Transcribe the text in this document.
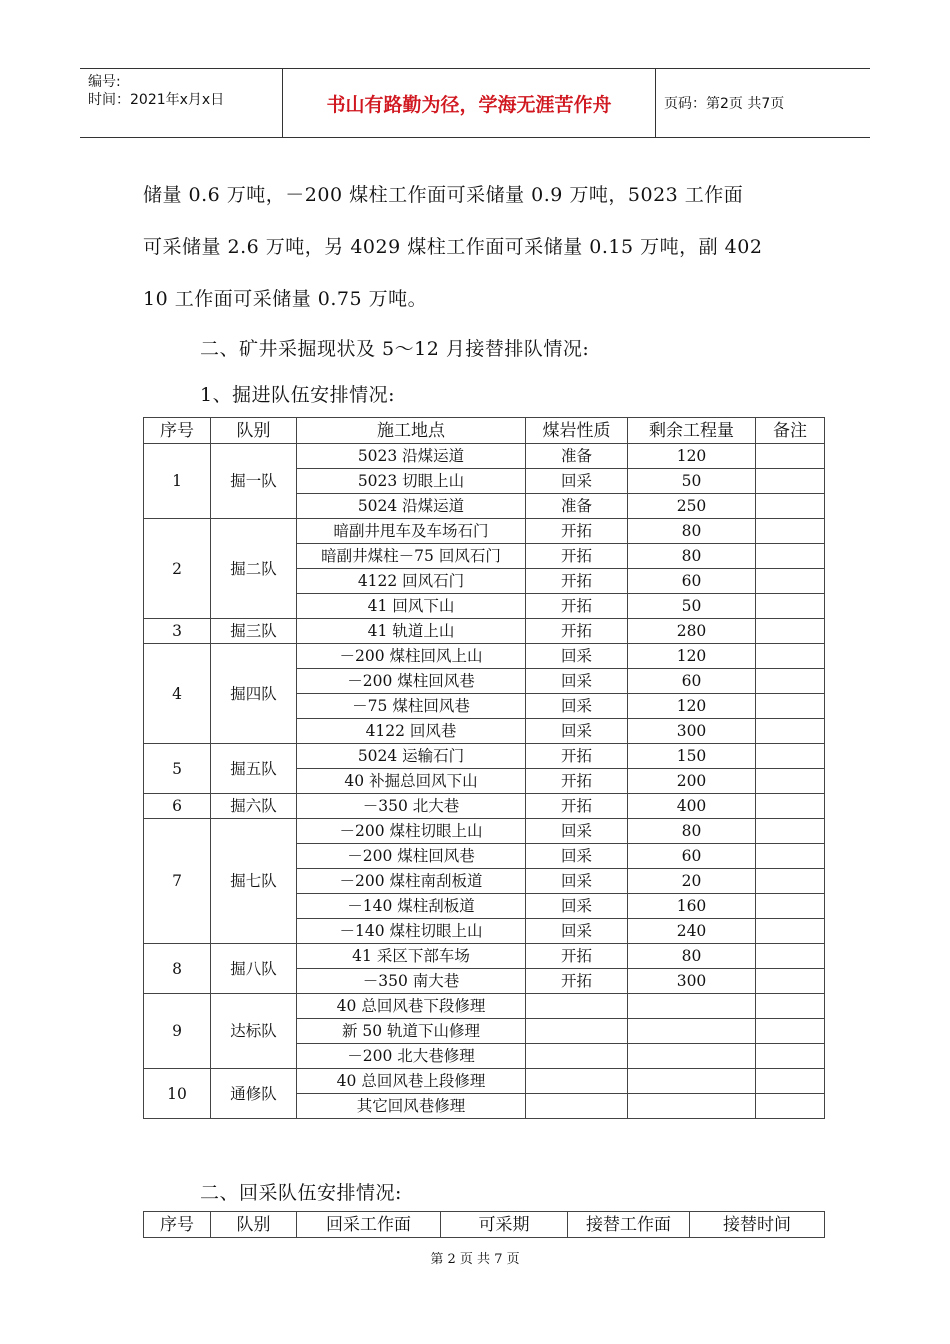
编号:
时间：2021年x月x日	书山有路勤为径，学海无涯苦作舟	页码：第2页 共7页
储量 0.6 万吨，－200 煤柱工作面可采储量 0.9 万吨，5023 工作面
可采储量 2.6 万吨，另 4029 煤柱工作面可采储量 0.15 万吨，副 402
10 工作面可采储量 0.75 万吨。
二、矿井采掘现状及 5～12 月接替排队情况:
1、掘进队伍安排情况:
序号	队别	施工地点	煤岩性质	剩余工程量	备注
1	掘一队	5023 沿煤运道	准备	120	
		5023 切眼上山	回采	50	
		5024 沿煤运道	准备	250	
2	掘二队	暗副井甩车及车场石门	开拓	80	
		暗副井煤柱－75 回风石门	开拓	80	
		4122 回风石门	开拓	60	
		41 回风下山	开拓	50	
3	掘三队	41 轨道上山	开拓	280	
4	掘四队	－200 煤柱回风上山	回采	120	
		－200 煤柱回风巷	回采	60	
		－75 煤柱回风巷	回采	120	
		4122 回风巷	回采	300	
5	掘五队	5024 运输石门	开拓	150	
		40 补掘总回风下山	开拓	200	
6	掘六队	－350 北大巷	开拓	400	
7	掘七队	－200 煤柱切眼上山	回采	80	
		－200 煤柱回风巷	回采	60	
		－200 煤柱南刮板道	回采	20	
		－140 煤柱刮板道	回采	160	
		－140 煤柱切眼上山	回采	240	
8	掘八队	41 采区下部车场	开拓	80	
		－350 南大巷	开拓	300	
9	达标队	40 总回风巷下段修理			
		新 50 轨道下山修理			
		－200 北大巷修理			
10	通修队	40 总回风巷上段修理			
		其它回风巷修理			
二、回采队伍安排情况:
序号	队别	回采工作面	可采期	接替工作面	接替时间
第 2 页 共 7 页
